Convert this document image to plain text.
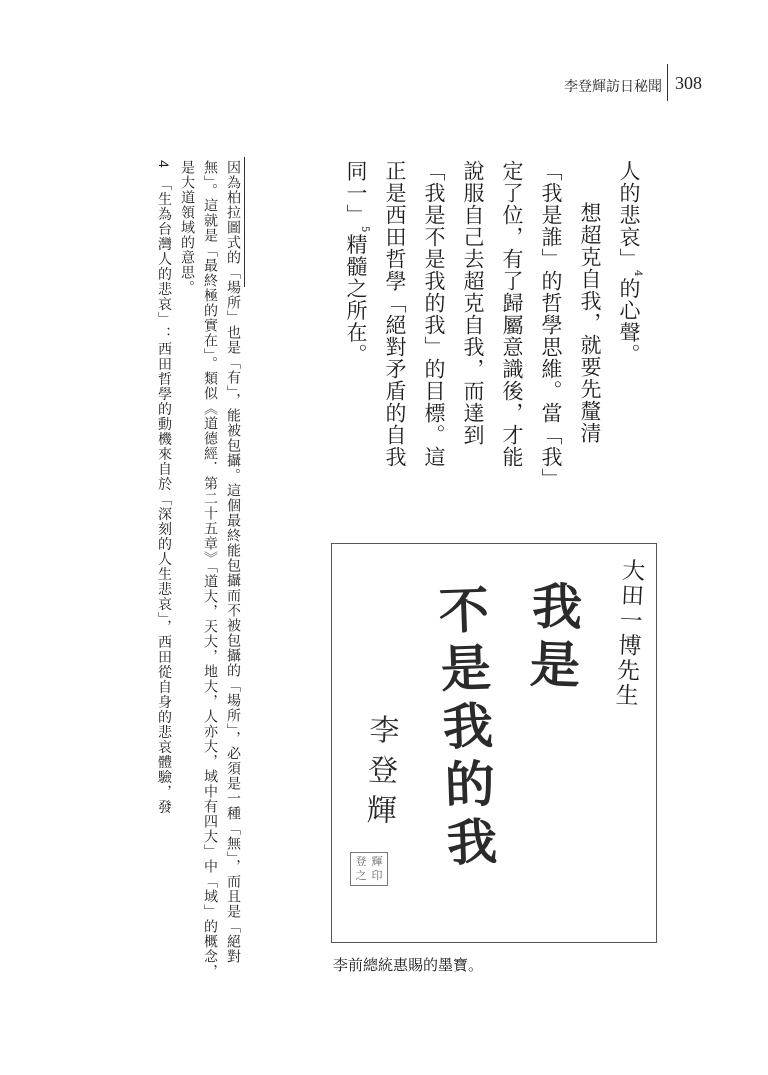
李登輝訪日秘聞 308

人的悲哀」$^4$的心聲。

想超克自我，就要先釐清「我是誰」的哲學思維。當「我」定了位，有了歸屬意識後，才能說服自己去超克自我，而達到「我是不是我的我」的目標。這正是西田哲學「絕對矛盾的自我同一」$^5$精髓之所在。

因為柏拉圖式的「場所」也是「有」，能被包攝。這個最終能包攝而不被包攝的「場所」，必須是一種「無」，而且是「絕對無」。這就是「最終極的實在」。類似《道德經．第二十五章》「道大，天大，地大，人亦大，域中有四大」中「域」的概念，是大道領域的意思。

4　「生為台灣人的悲哀」：西田哲學的動機來自於「深刻的人生悲哀」，西田從自身的悲哀體驗，發	大田一博先生
我是
不是我的我
李登輝
登 輝
之 印
李前總統惠賜的墨寶。
